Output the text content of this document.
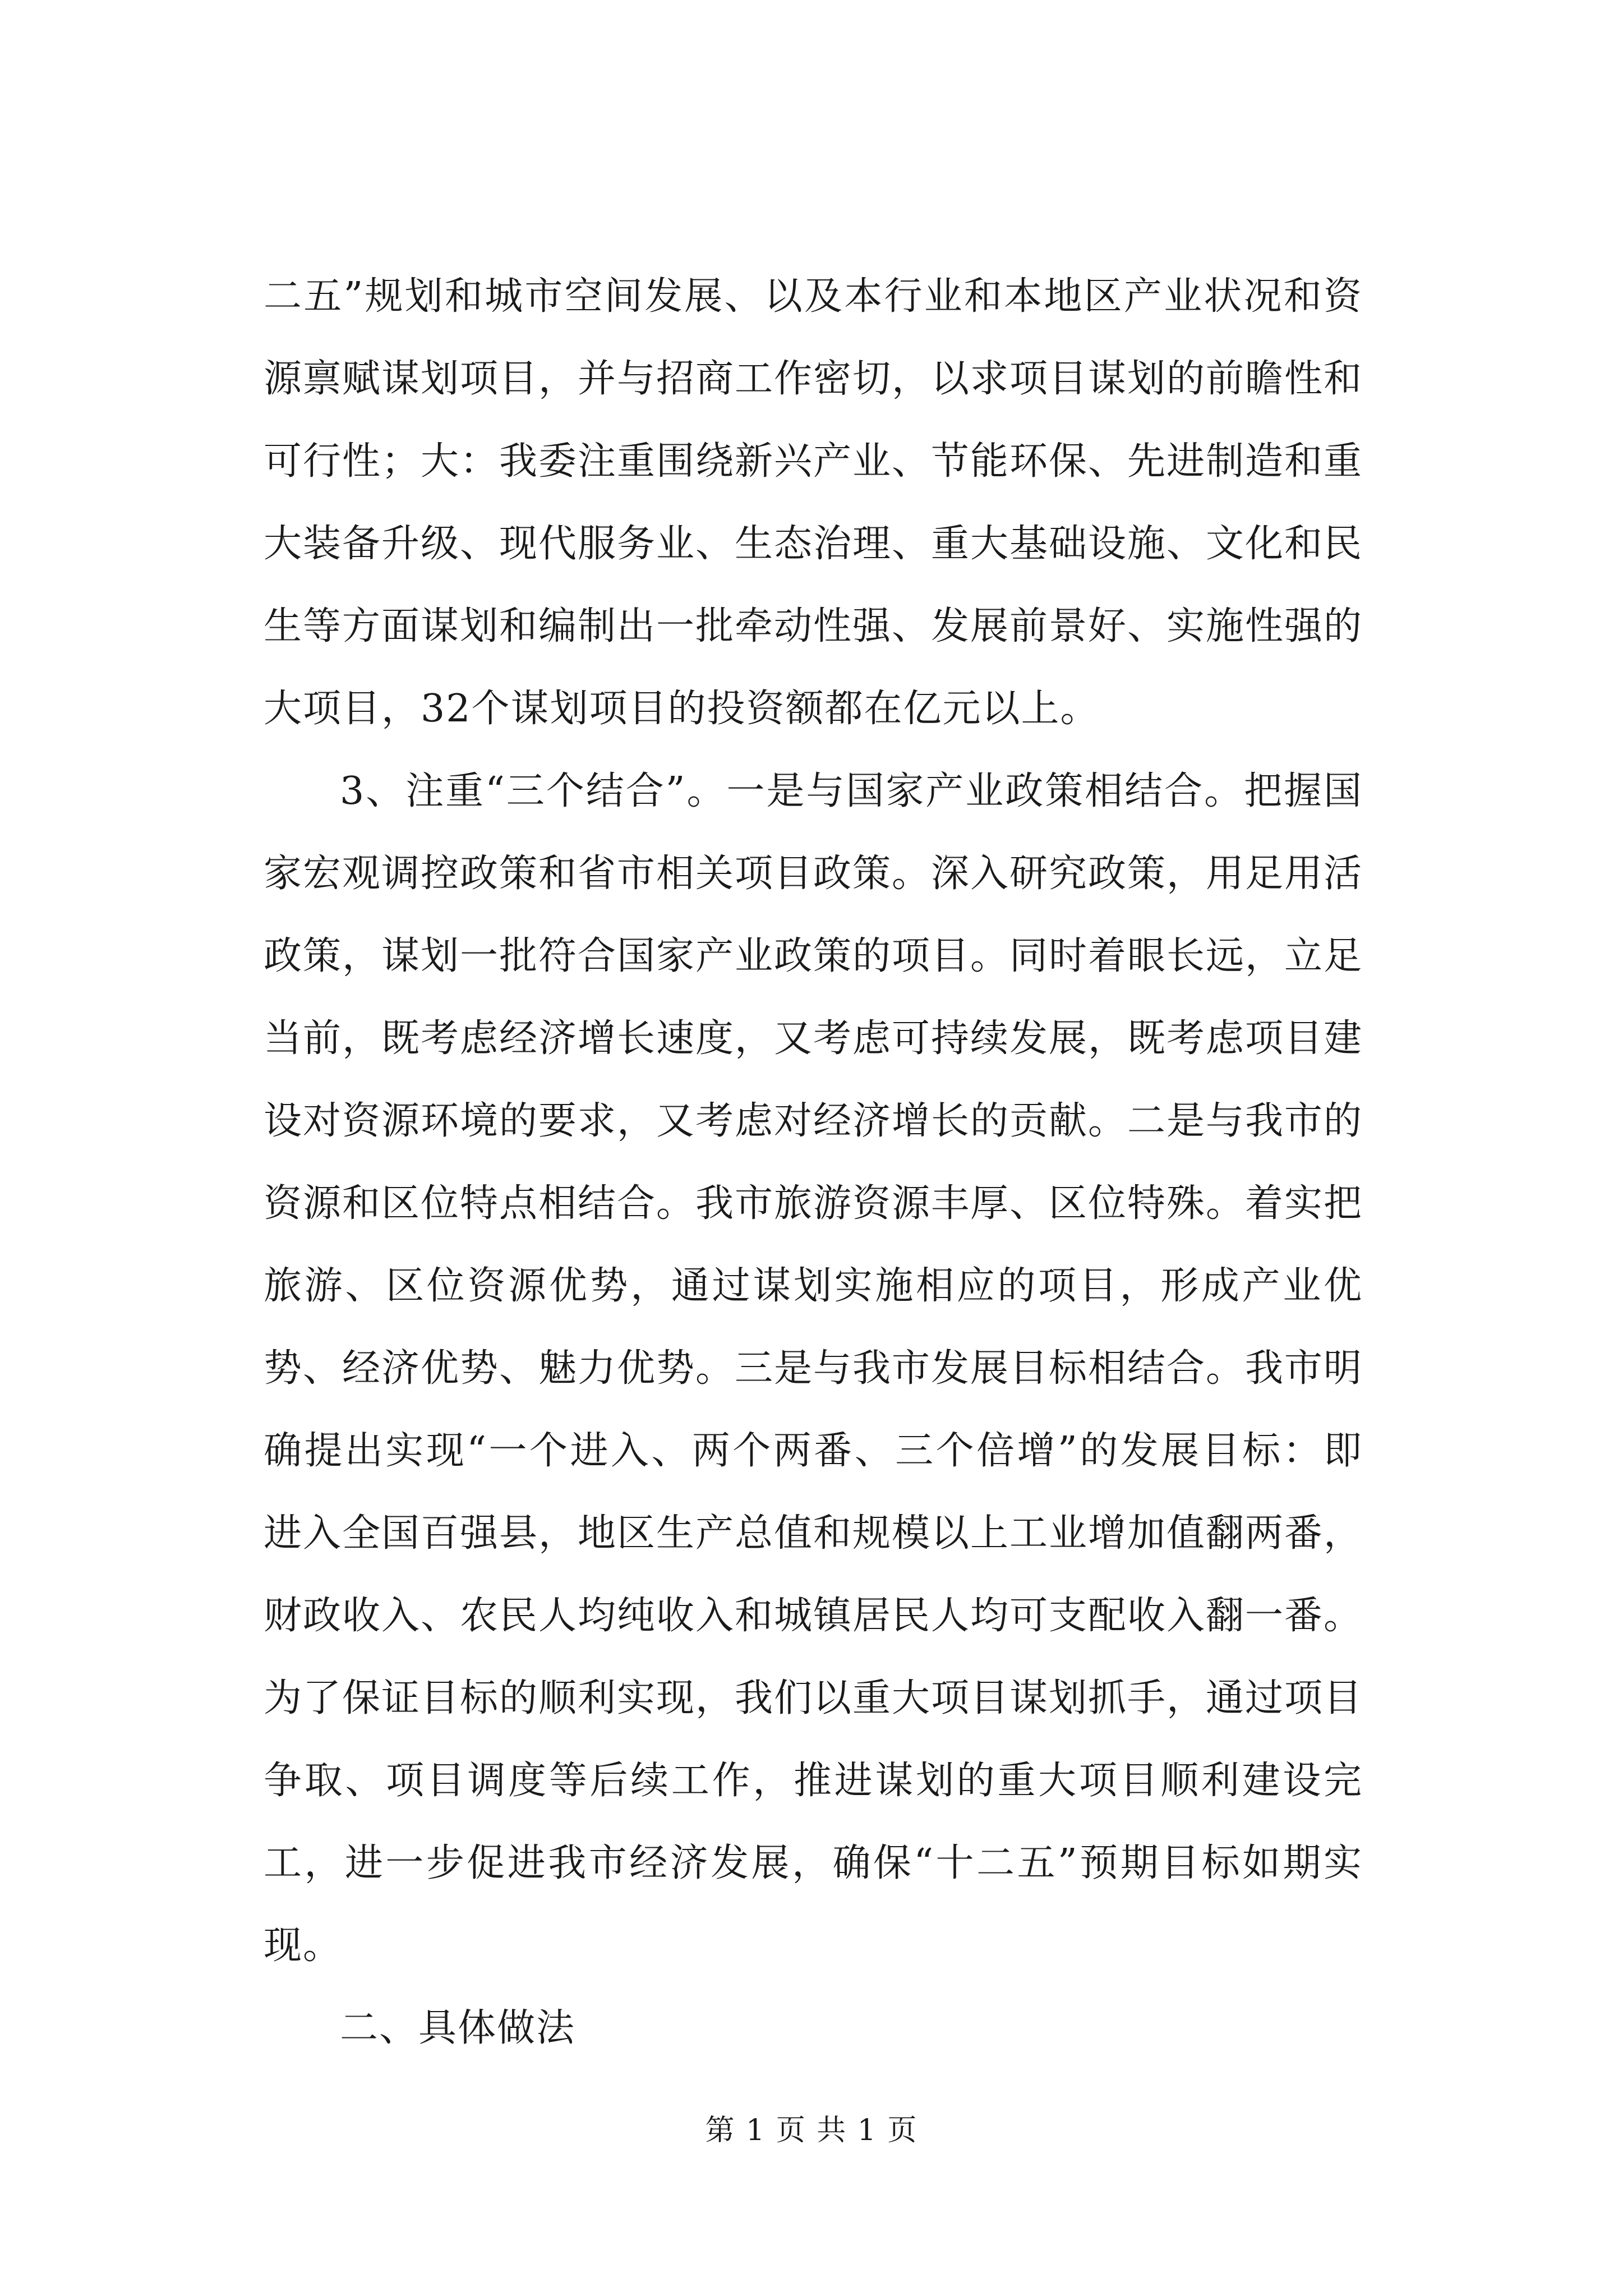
二五”规划和城市空间发展、以及本行业和本地区产业状况和资源禀赋谋划项目，并与招商工作密切，以求项目谋划的前瞻性和可行性；大：我委注重围绕新兴产业、节能环保、先进制造和重大装备升级、现代服务业、生态治理、重大基础设施、文化和民生等方面谋划和编制出一批牵动性强、发展前景好、实施性强的大项目，32个谋划项目的投资额都在亿元以上。

3、注重“三个结合”。一是与国家产业政策相结合。把握国家宏观调控政策和省市相关项目政策。深入研究政策，用足用活政策，谋划一批符合国家产业政策的项目。同时着眼长远，立足当前，既考虑经济增长速度，又考虑可持续发展，既考虑项目建设对资源环境的要求，又考虑对经济增长的贡献。二是与我市的资源和区位特点相结合。我市旅游资源丰厚、区位特殊。着实把旅游、区位资源优势，通过谋划实施相应的项目，形成产业优势、经济优势、魅力优势。三是与我市发展目标相结合。我市明确提出实现“一个进入、两个两番、三个倍增”的发展目标：即进入全国百强县，地区生产总值和规模以上工业增加值翻两番，财政收入、农民人均纯收入和城镇居民人均可支配收入翻一番。为了保证目标的顺利实现，我们以重大项目谋划抓手，通过项目争取、项目调度等后续工作，推进谋划的重大项目顺利建设完工，进一步促进我市经济发展，确保“十二五”预期目标如期实现。

二、具体做法

第 1 页 共 1 页
